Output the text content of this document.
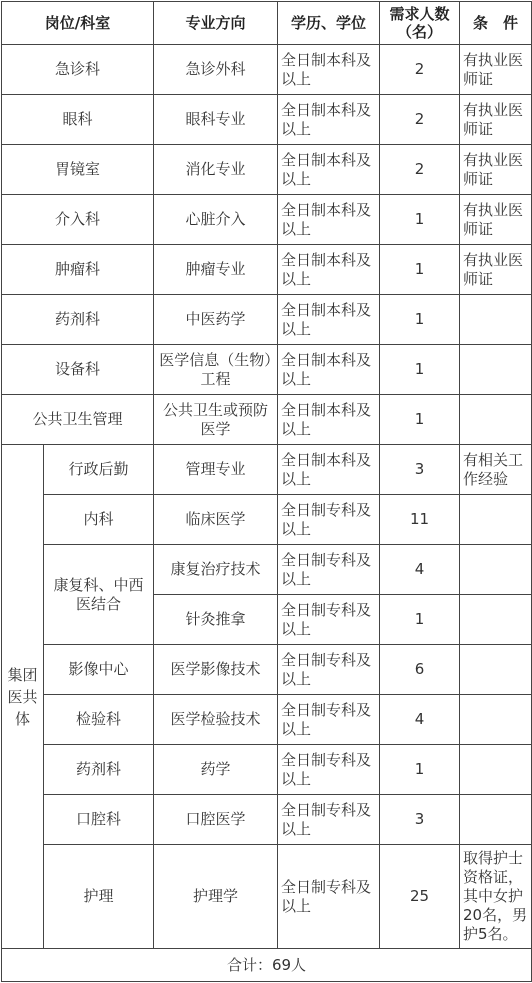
岗位/科室		专业方向	学历、学位	需求人数（名）	条　件
急诊科		急诊外科	全日制本科及以上	2	有执业医师证
眼科		眼科专业	全日制本科及以上	2	有执业医师证
胃镜室		消化专业	全日制本科及以上	2	有执业医师证
介入科		心脏介入	全日制本科及以上	1	有执业医师证
肿瘤科		肿瘤专业	全日制本科及以上	1	有执业医师证
药剂科		中医药学	全日制本科及以上	1	
设备科		医学信息（生物）工程	全日制本科及以上	1	
公共卫生管理		公共卫生或预防医学	全日制本科及以上	1	
集团医共体	行政后勤	管理专业	全日制本科及以上	3	有相关工作经验
	内科	临床医学	全日制专科及以上	11	
	康复科、中西医结合	康复治疗技术	全日制专科及以上	4	
		针灸推拿	全日制专科及以上	1	
	影像中心	医学影像技术	全日制专科及以上	6	
	检验科	医学检验技术	全日制专科及以上	4	
	药剂科	药学	全日制专科及以上	1	
	口腔科	口腔医学	全日制专科及以上	3	
	护理	护理学	全日制专科及以上	25	取得护士资格证，其中女护20名，男护5名。
合计：69人					
